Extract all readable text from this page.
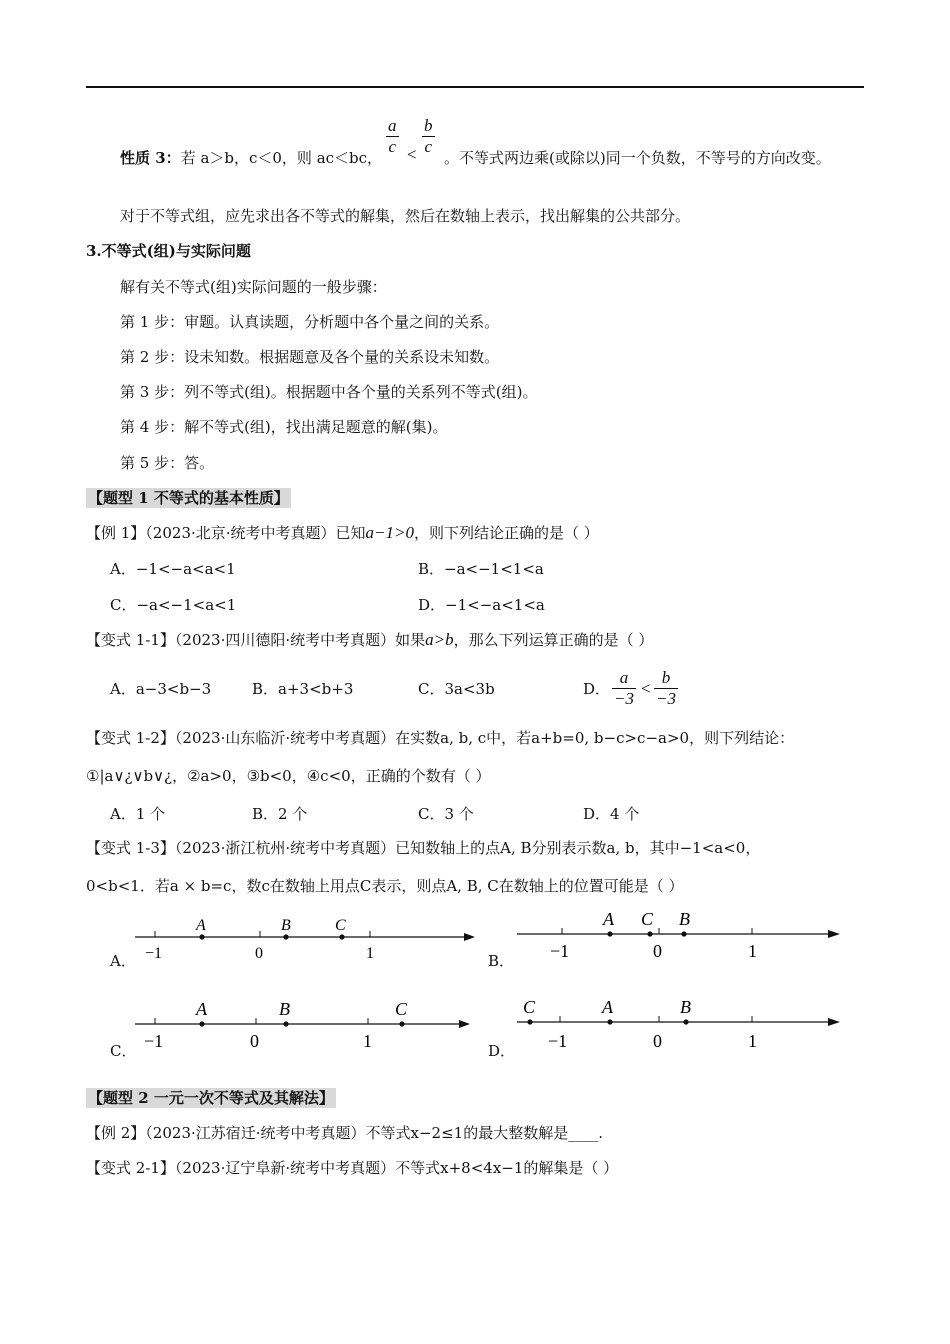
性质 3：若 a＞b，c＜0，则 ac＜bc，
$\frac{a}{c} < \frac{b}{c}$
。不等式两边乘(或除以)同一个负数，不等号的方向改变。
对于不等式组，应先求出各不等式的解集，然后在数轴上表示，找出解集的公共部分。
3.不等式(组)与实际问题
解有关不等式(组)实际问题的一般步骤：
第 1 步：审题。认真读题，分析题中各个量之间的关系。
第 2 步：设未知数。根据题意及各个量的关系设未知数。
第 3 步：列不等式(组)。根据题中各个量的关系列不等式(组)。
第 4 步：解不等式(组)，找出满足题意的解(集)。
第 5 步：答。
【题型 1 不等式的基本性质】
【例 1】（2023·北京·统考中考真题）已知a−1>0，则下列结论正确的是（ ）
A．−1<−a<a<1	B．−a<−1<1<a
C．−a<−1<a<1	D．−1<−a<1<a
【变式 1-1】（2023·四川德阳·统考中考真题）如果a>b，那么下列运算正确的是（ ）
A．a−3<b−3	B．a+3<b+3	C．3a<3b	D． $\frac{a}{-3} < \frac{b}{-3}$
【变式 1-2】（2023·山东临沂·统考中考真题）在实数a, b, c中，若a+b=0, b−c>c−a>0，则下列结论：
①|a∨¿∨b∨¿，②a>0，③b<0，④c<0，正确的个数有（ ）
A．1 个	B．2 个	C．3 个	D．4 个
【变式 1-3】（2023·浙江杭州·统考中考真题）已知数轴上的点A, B分别表示数a, b，其中−1<a<0，
0<b<1．若a × b=c，数c在数轴上用点C表示，则点A, B, C在数轴上的位置可能是（ ）
A．
A	B	C
−1	0	1	B．
A C B
−1	0	1
C．
A	B	C
−1	0	1	D．
C	A	B
−1	0	1
【题型 2 一元一次不等式及其解法】
【例 2】（2023·江苏宿迁·统考中考真题）不等式x−2≤1的最大整数解是____.
【变式 2-1】（2023·辽宁阜新·统考中考真题）不等式x+8<4x−1的解集是（ ）
